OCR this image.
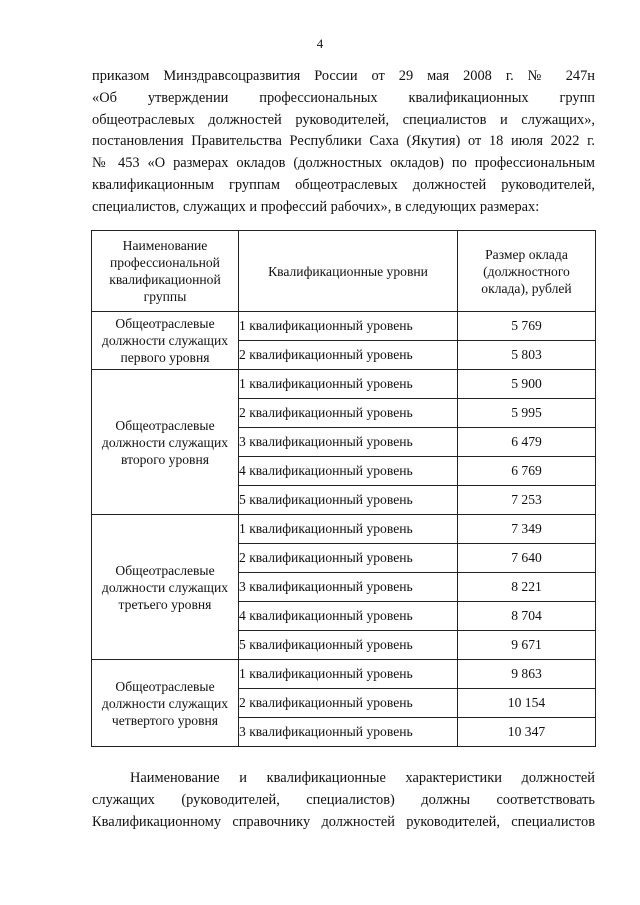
4
приказом Минздравсоцразвития России от 29 мая 2008 г. № 247н
«Об утверждении профессиональных квалификационных групп
общеотраслевых должностей руководителей, специалистов и служащих»,
постановления Правительства Республики Саха (Якутия) от 18 июля 2022 г.
№ 453 «О размерах окладов (должностных окладов) по профессиональным
квалификационным группам общеотраслевых должностей руководителей,
специалистов, служащих и профессий рабочих», в следующих размерах:
Наименование профессиональной квалификационной группы	Квалификационные уровни	Размер оклада (должностного оклада), рублей
Общеотраслевые должности служащих первого уровня	1 квалификационный уровень	5 769
	2 квалификационный уровень	5 803
Общеотраслевые должности служащих второго уровня	1 квалификационный уровень	5 900
	2 квалификационный уровень	5 995
	3 квалификационный уровень	6 479
	4 квалификационный уровень	6 769
	5 квалификационный уровень	7 253
Общеотраслевые должности служащих третьего уровня	1 квалификационный уровень	7 349
	2 квалификационный уровень	7 640
	3 квалификационный уровень	8 221
	4 квалификационный уровень	8 704
	5 квалификационный уровень	9 671
Общеотраслевые должности служащих четвертого уровня	1 квалификационный уровень	9 863
	2 квалификационный уровень	10 154
	3 квалификационный уровень	10 347
Наименование и квалификационные характеристики должностей
служащих (руководителей, специалистов) должны соответствовать
Квалификационному справочнику должностей руководителей, специалистов
